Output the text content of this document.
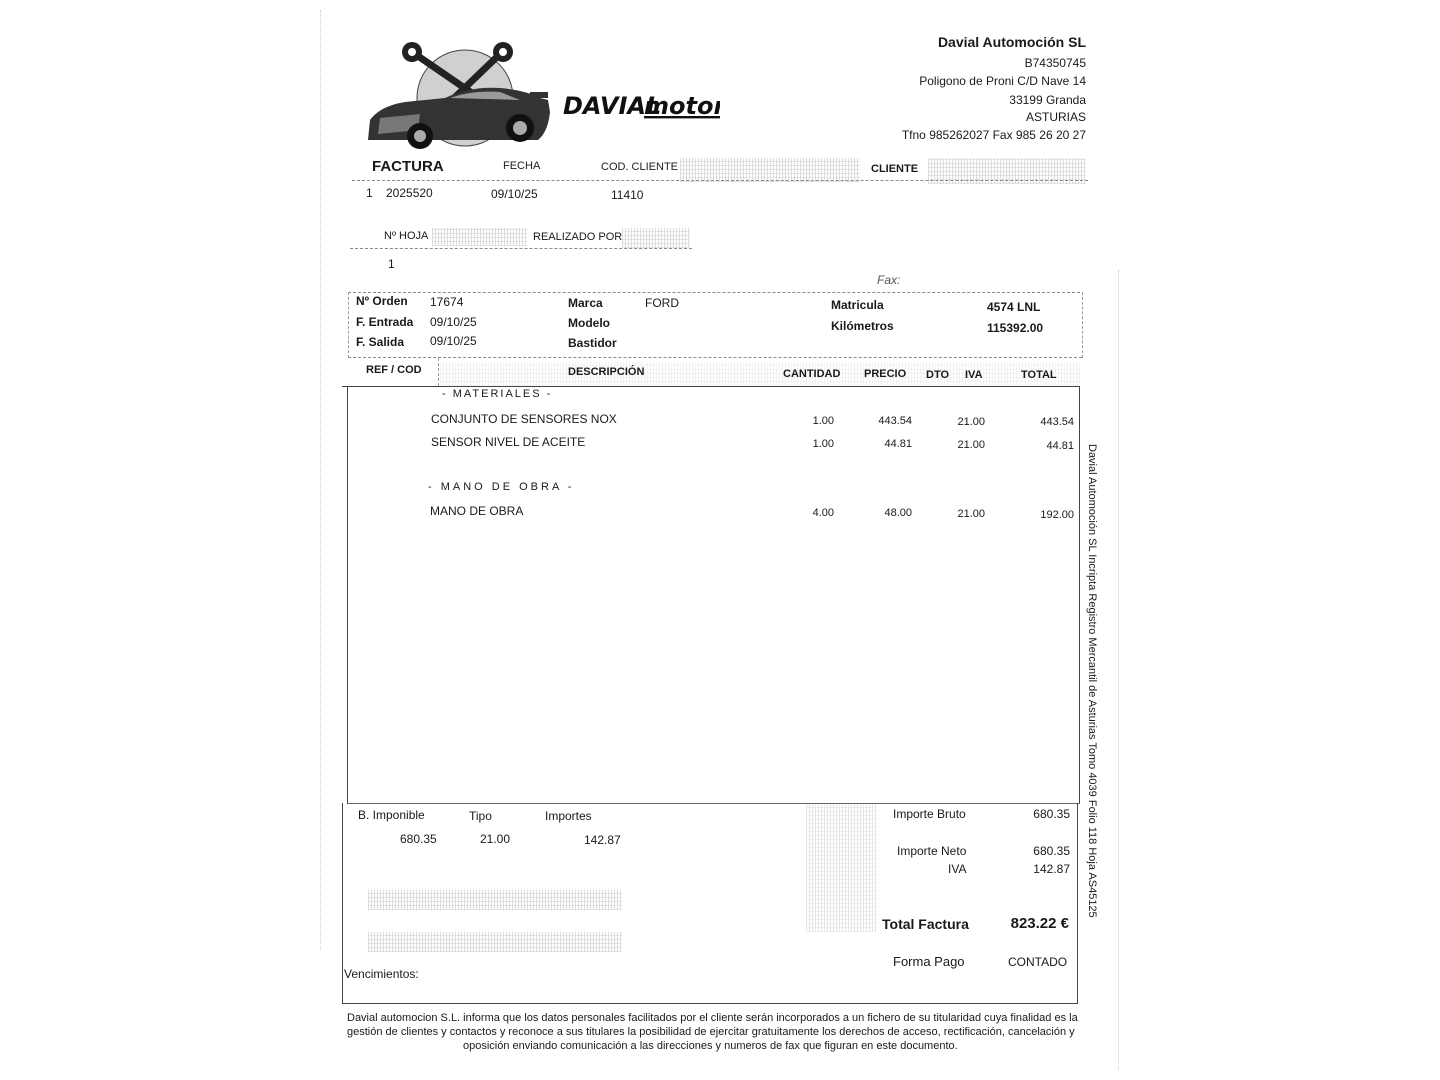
DAVIAL
motor
Davial Automoción SL
B74350745
Poligono de Proni C/D Nave 14
33199 Granda
ASTURIAS
Tfno 985262027 Fax 985 26 20 27
FACTURA	FECHA	COD. CLIENTE	CLIENTE
1 2025520	09/10/25	11410
Nº HOJA	REALIZADO POR
1
Fax:
Nº Orden 17674
F. Entrada 09/10/25
F. Salida 09/10/25
Marca	FORD
Modelo
Bastidor
Matricula	4574 LNL
Kilómetros	115392.00
REF / COD	DESCRIPCIÓN	CANTIDAD PRECIO DTO IVA	TOTAL
- MATERIALES -
CONJUNTO DE SENSORES NOX	1.00	443.54	21.00	443.54
SENSOR NIVEL DE ACEITE	1.00	44.81	21.00	44.81
- MANO DE OBRA -
MANO DE OBRA	4.00	48.00	21.00	192.00
B. Imponible	Tipo	Importes
680.35	21.00	142.87
Importe Bruto	680.35
Importe Neto	680.35
IVA	142.87
Total Factura	823.22 €
Forma Pago	CONTADO
Vencimientos:
Davial automocion S.L. informa que los datos personales facilitados por el cliente serán incorporados a un fichero de su titularidad cuya finalidad es la
gestión de clientes y contactos y reconoce a sus titulares la posibilidad de ejercitar gratuitamente los derechos de acceso, rectificación, cancelación y
oposición enviando comunicación a las direcciones y numeros de fax que figuran en este documento.
Davial Automoción SL Incripta Registro Mercantil de Asturias Tomo 4039 Folio 118 Hoja AS45125
